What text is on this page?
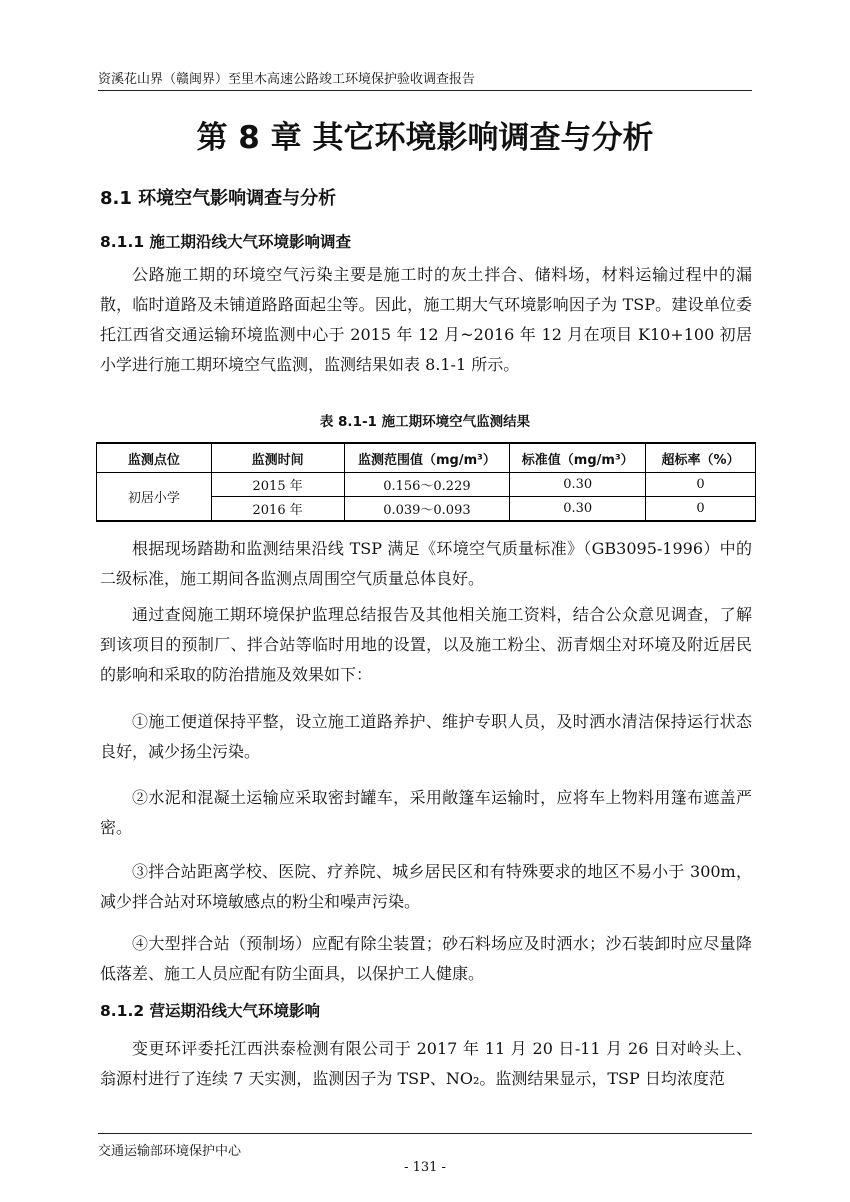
资溪花山界（赣闽界）至里木高速公路竣工环境保护验收调查报告
第 8 章 其它环境影响调查与分析
8.1 环境空气影响调查与分析
8.1.1 施工期沿线大气环境影响调查

公路施工期的环境空气污染主要是施工时的灰土拌合、储料场，材料运输过程中的漏散，临时道路及未铺道路路面起尘等。因此，施工期大气环境影响因子为 TSP。建设单位委托江西省交通运输环境监测中心于 2015 年 12 月~2016 年 12 月在项目 K10+100 初居小学进行施工期环境空气监测，监测结果如表 8.1-1 所示。

表 8.1-1 施工期环境空气监测结果
监测点位	监测时间	监测范围值（mg/m³）	标准值（mg/m³）	超标率（%）
初居小学	2015 年	0.156～0.229	0.30	0
	2016 年	0.039～0.093	0.30	0

根据现场踏勘和监测结果沿线 TSP 满足《环境空气质量标准》（GB3095-1996）中的二级标准，施工期间各监测点周围空气质量总体良好。

通过查阅施工期环境保护监理总结报告及其他相关施工资料，结合公众意见调查，了解到该项目的预制厂、拌合站等临时用地的设置，以及施工粉尘、沥青烟尘对环境及附近居民的影响和采取的防治措施及效果如下：

①施工便道保持平整，设立施工道路养护、维护专职人员，及时洒水清洁保持运行状态良好，减少扬尘污染。

②水泥和混凝土运输应采取密封罐车，采用敞篷车运输时，应将车上物料用篷布遮盖严密。

③拌合站距离学校、医院、疗养院、城乡居民区和有特殊要求的地区不易小于 300m，减少拌合站对环境敏感点的粉尘和噪声污染。

④大型拌合站（预制场）应配有除尘装置；砂石料场应及时洒水；沙石装卸时应尽量降低落差、施工人员应配有防尘面具，以保护工人健康。

8.1.2 营运期沿线大气环境影响

变更环评委托江西洪泰检测有限公司于 2017 年 11 月 20 日-11 月 26 日对岭头上、翁源村进行了连续 7 天实测，监测因子为 TSP、NO₂。监测结果显示，TSP 日均浓度范

交通运输部环境保护中心
- 131 -
